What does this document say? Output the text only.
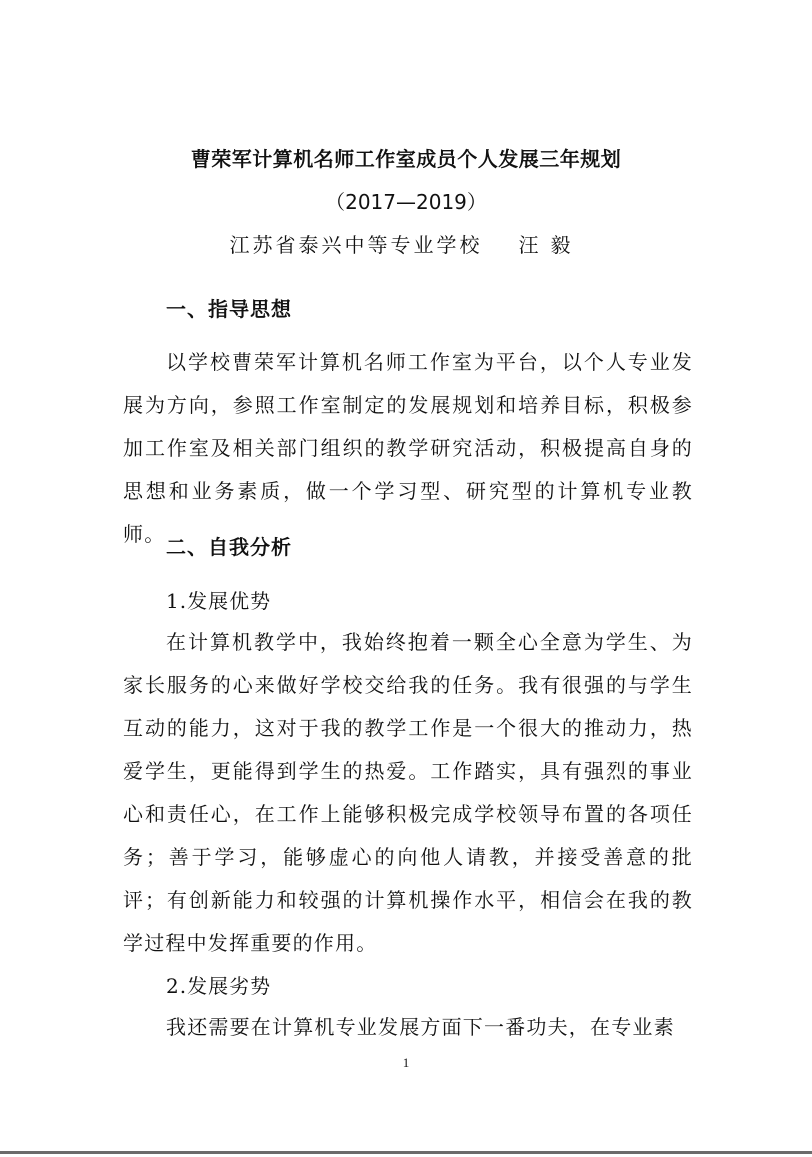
曹荣军计算机名师工作室成员个人发展三年规划
（2017—2019）
江苏省泰兴中等专业学校 汪毅
一、指导思想
以学校曹荣军计算机名师工作室为平台，以个人专业发展为方向，参照工作室制定的发展规划和培养目标，积极参加工作室及相关部门组织的教学研究活动，积极提高自身的思想和业务素质，做一个学习型、研究型的计算机专业教师。
二、自我分析
1.发展优势
在计算机教学中，我始终抱着一颗全心全意为学生、为家长服务的心来做好学校交给我的任务。我有很强的与学生互动的能力，这对于我的教学工作是一个很大的推动力，热爱学生，更能得到学生的热爱。工作踏实，具有强烈的事业心和责任心，在工作上能够积极完成学校领导布置的各项任务；善于学习，能够虚心的向他人请教，并接受善意的批评；有创新能力和较强的计算机操作水平，相信会在我的教学过程中发挥重要的作用。
2.发展劣势
我还需要在计算机专业发展方面下一番功夫，在专业素
1
